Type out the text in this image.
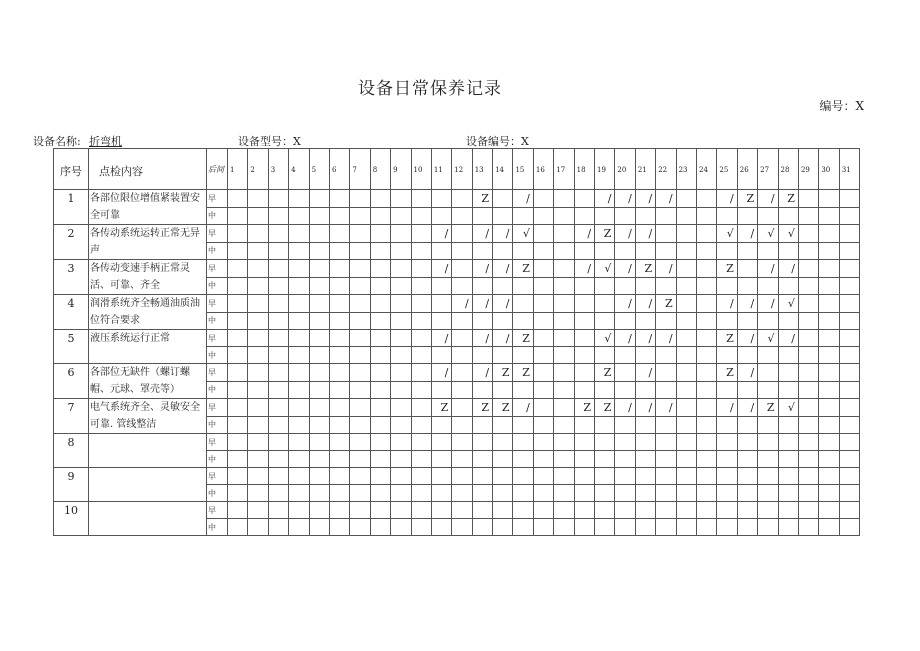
设备日常保养记录
编号：X
设备名称: 折弯机	设备型号：X	设备编号：X
序号	点检内容	后间	1	2	3	4	5	6	7	8	9	10	11	12	13	14	15	16	17	18	19	20	21	22	23	24	25	26	27	28	29	30	31
1	各部位限位增值紧装置安全可靠	早													Z		/				/	/	/	/			/	Z	/	Z			
		中																															
2	各传动系统运转正常无异声	早											/		/	/	√			/	Z	/	/				√	/	√	√			
		中																															
3	各传动变速手柄正常灵活、可靠、齐全	早											/		/	/	Z			/	√	/	Z	/			Z		/	/			
		中																															
4	润滑系统齐全畅通油质油位符合要求	早												/	/	/						/	/	Z			/	/	/	√			
		中																															
5	液压系统运行正常	早											/		/	/	Z				√	/	/	/			Z	/	√	/			
		中																															
6	各部位无缺件（螺订螺帽、元球、罩壳等）	早											/		/	Z	Z				Z		/				Z	/					
		中																															
7	电气系统齐全、灵敏安全可靠. 管线整洁	早											Z		Z	Z	/			Z	Z	/	/	/			/	/	Z	√			
		中																															
8		早																															
		中																															
9		早																															
		中																															
10		早																															
		中																															
